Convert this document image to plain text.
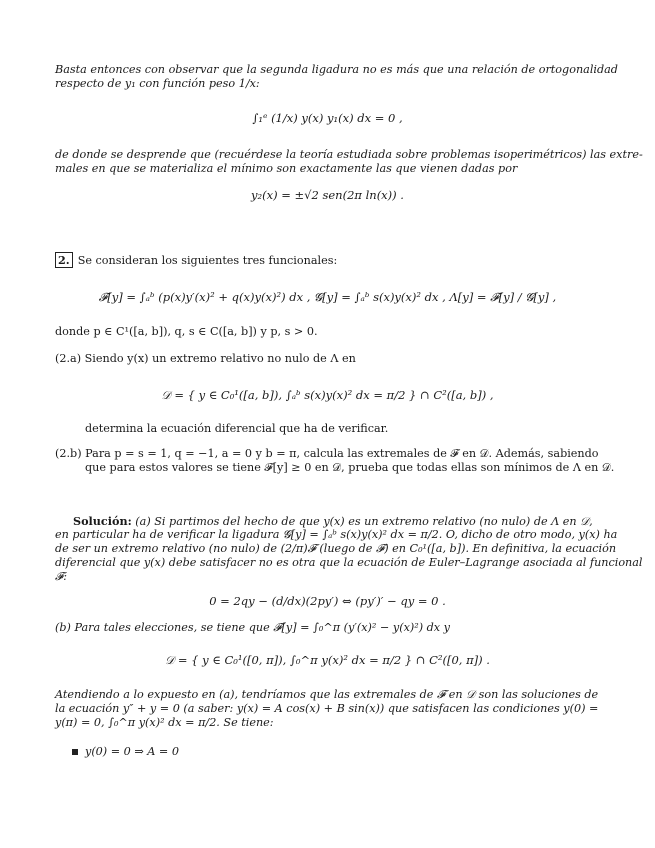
Basta entonces con observar que la segunda ligadura no es más que una relación de ortogonalidad
respecto de y₁ con función peso 1/x:
∫₁ᵉ (1/x) y(x) y₁(x) dx = 0 ,
de donde se desprende que (recuérdese la teoría estudiada sobre problemas isoperimétricos) las extre-
males en que se materializa el mínimo son exactamente las que vienen dadas por
y₂(x) = ±√2 sen(2π ln(x)) .
2. Se consideran los siguientes tres funcionales:
𝓕[y] = ∫ₐᵇ (p(x)y′(x)² + q(x)y(x)²) dx , 𝓖[y] = ∫ₐᵇ s(x)y(x)² dx , Λ[y] = 𝓕[y] / 𝓖[y] ,
donde p ∈ C¹([a, b]), q, s ∈ C([a, b]) y p, s > 0.
(2.a) Siendo y(x) un extremo relativo no nulo de Λ en
𝒟 = { y ∈ C₀¹([a, b]), ∫ₐᵇ s(x)y(x)² dx = π/2 } ∩ C²([a, b]) ,
determina la ecuación diferencial que ha de verificar.
(2.b) Para p = s = 1, q = −1, a = 0 y b = π, calcula las extremales de 𝓕 en 𝒟. Además, sabiendo
que para estos valores se tiene 𝓕[y] ≥ 0 en 𝒟, prueba que todas ellas son mínimos de Λ en 𝒟.
Solución: (a) Si partimos del hecho de que y(x) es un extremo relativo (no nulo) de Λ en 𝒟,
en particular ha de verificar la ligadura 𝓖[y] = ∫ₐᵇ s(x)y(x)² dx = π/2. O, dicho de otro modo, y(x) ha
de ser un extremo relativo (no nulo) de (2/π)𝓕 (luego de 𝓕) en C₀¹([a, b]). En definitiva, la ecuación
diferencial que y(x) debe satisfacer no es otra que la ecuación de Euler–Lagrange asociada al funcional
𝓕:
0 = 2qy − (d/dx)(2py′) ⇔ (py′)′ − qy = 0 .
(b) Para tales elecciones, se tiene que 𝓕[y] = ∫₀^π (y′(x)² − y(x)²) dx y
𝒟 = { y ∈ C₀¹([0, π]), ∫₀^π y(x)² dx = π/2 } ∩ C²([0, π]) .
Atendiendo a lo expuesto en (a), tendríamos que las extremales de 𝓕 en 𝒟 son las soluciones de
la ecuación y″ + y = 0 (a saber: y(x) = A cos(x) + B sin(x)) que satisfacen las condiciones y(0) =
y(π) = 0, ∫₀^π y(x)² dx = π/2. Se tiene:
y(0) = 0 ⇒ A = 0
